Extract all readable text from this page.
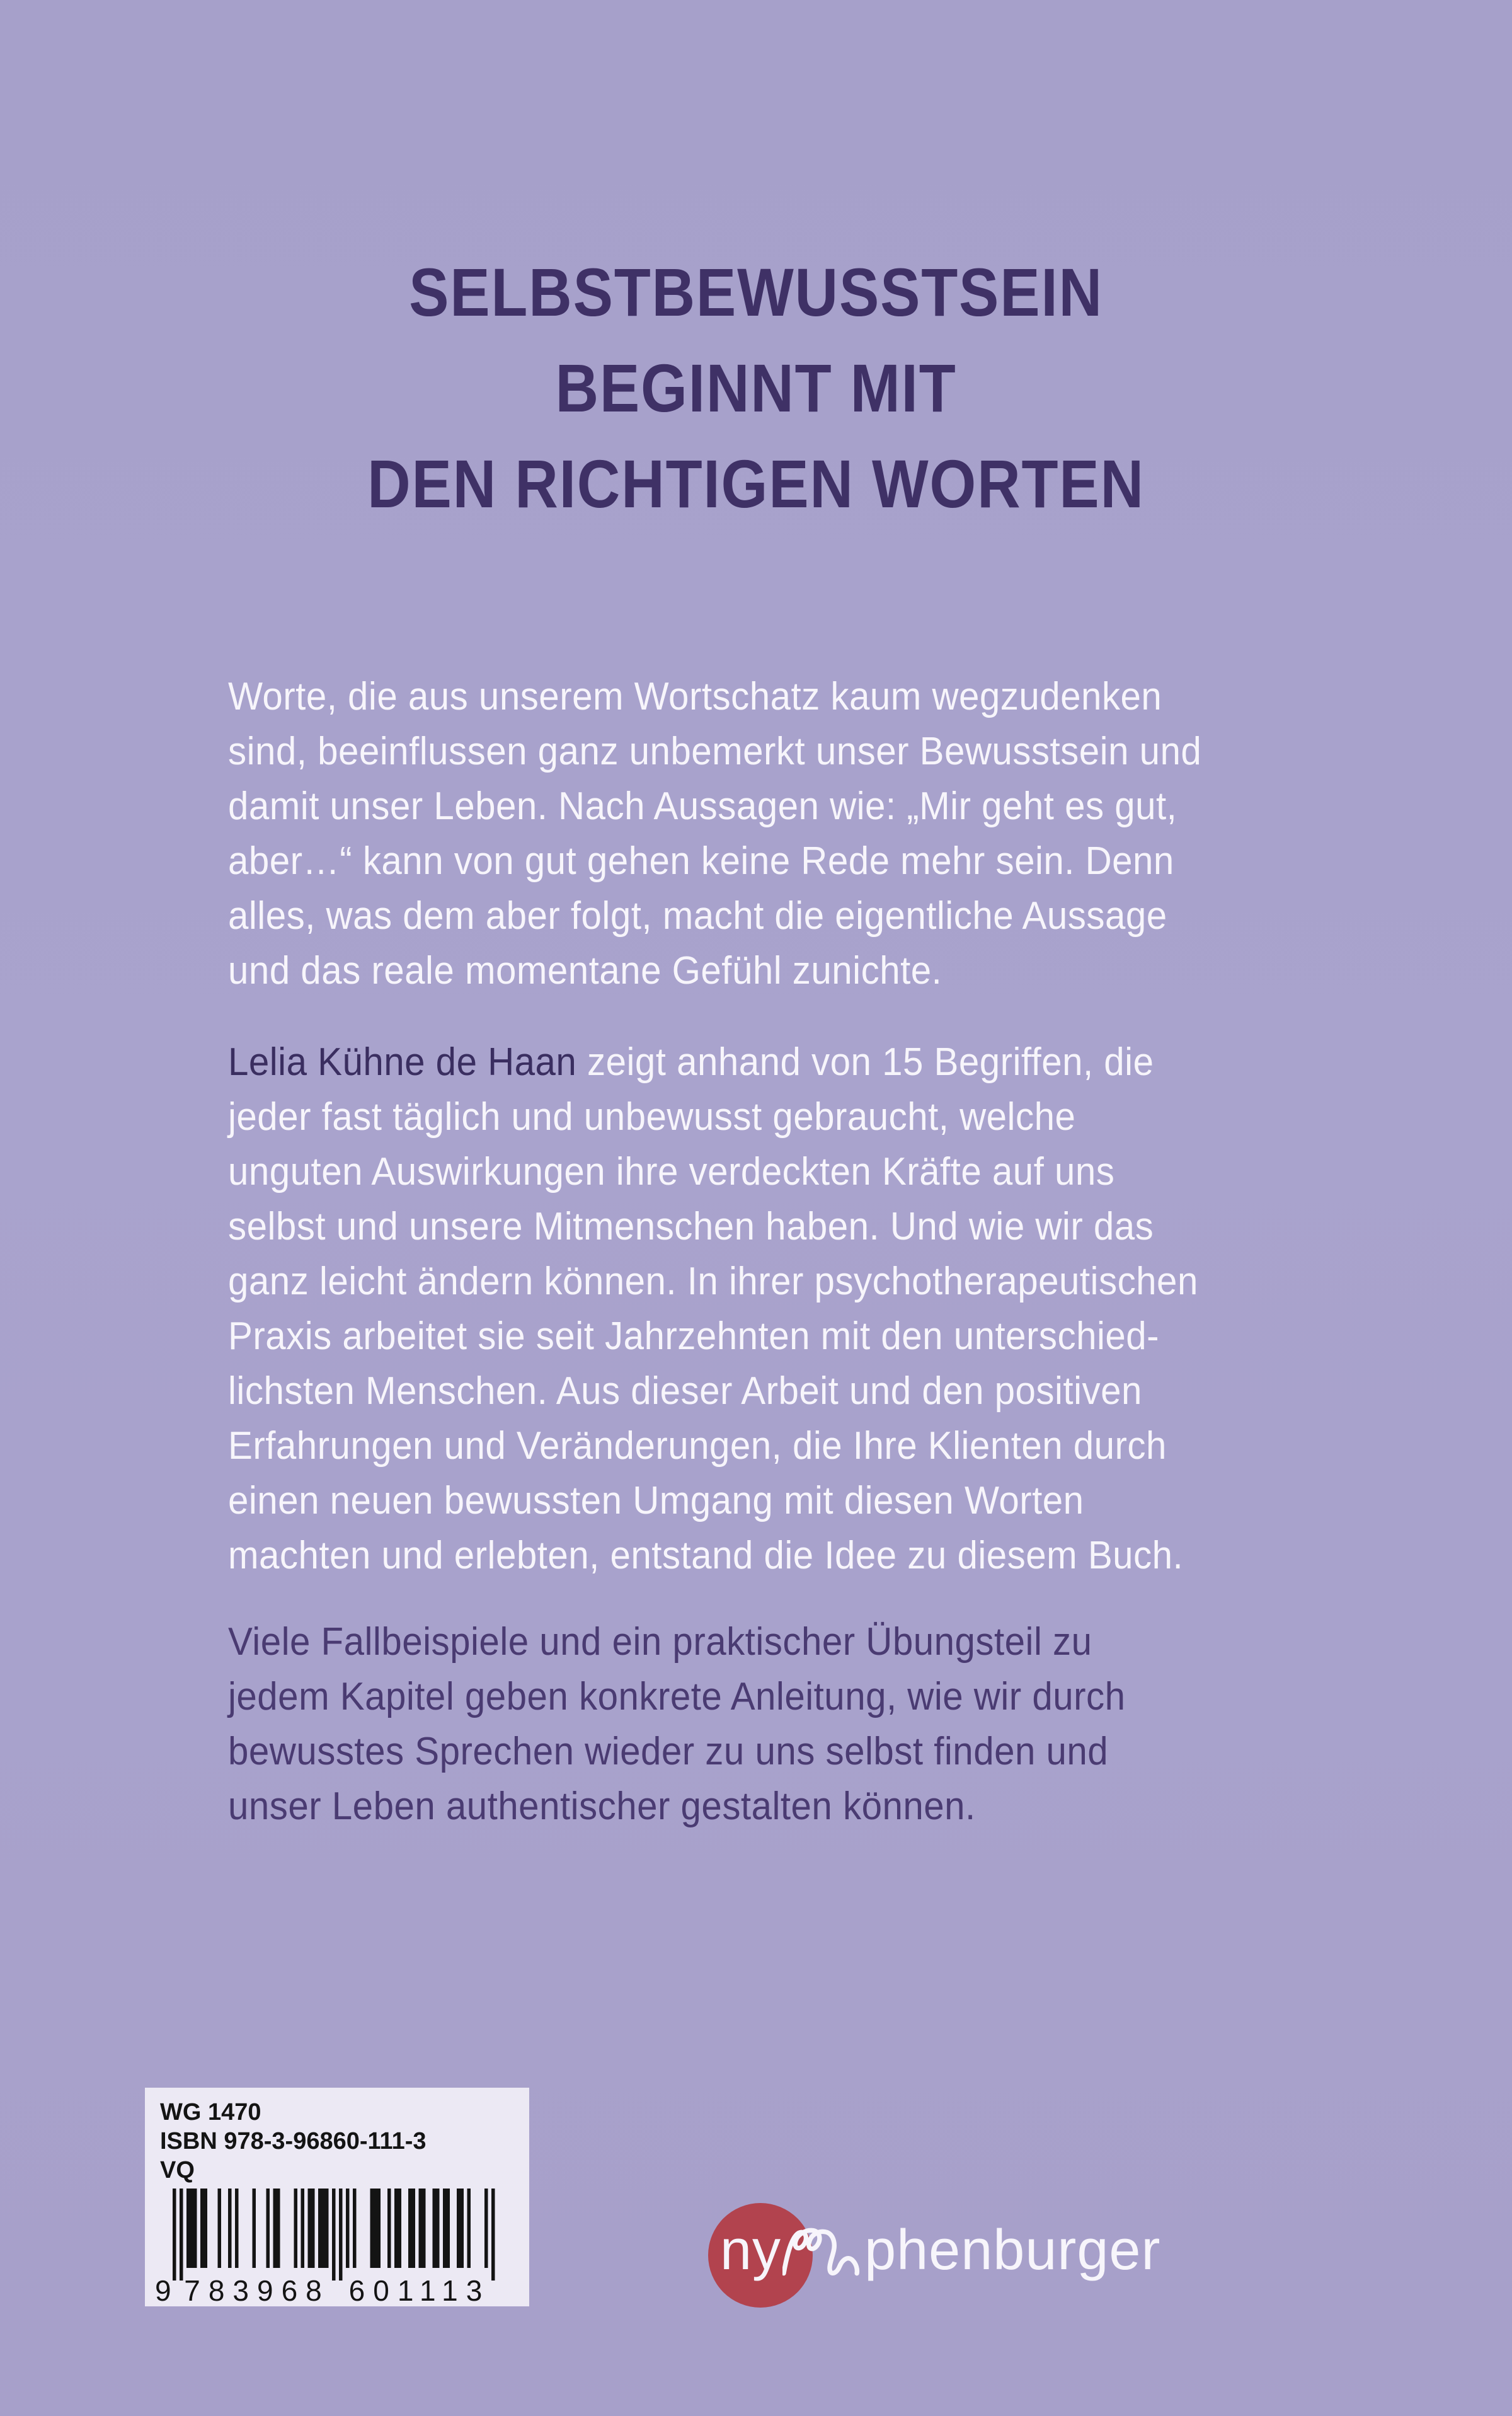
SELBSTBEWUSSTSEIN
BEGINNT MIT
DEN RICHTIGEN WORTEN
Worte, die aus unserem Wortschatz kaum wegzudenken
sind, beeinflussen ganz unbemerkt unser Bewusstsein und
damit unser Leben. Nach Aussagen wie: „Mir geht es gut,
aber…“ kann von gut gehen keine Rede mehr sein. Denn
alles, was dem aber folgt, macht die eigentliche Aussage
und das reale momentane Gefühl zunichte.
Lelia Kühne de Haan zeigt anhand von 15 Begriffen, die
jeder fast täglich und unbewusst gebraucht, welche
unguten Auswirkungen ihre verdeckten Kräfte auf uns
selbst und unsere Mitmenschen haben. Und wie wir das
ganz leicht ändern können. In ihrer psychotherapeutischen
Praxis arbeitet sie seit Jahrzehnten mit den unterschied-
lichsten Menschen. Aus dieser Arbeit und den positiven
Erfahrungen und Veränderungen, die Ihre Klienten durch
einen neuen bewussten Umgang mit diesen Worten
machten und erlebten, entstand die Idee zu diesem Buch.
Viele Fallbeispiele und ein praktischer Übungsteil zu
jedem Kapitel geben konkrete Anleitung, wie wir durch
bewusstes Sprechen wieder zu uns selbst finden und
unser Leben authentischer gestalten können.
WG 1470
ISBN 978-3-96860-111-3
VQ
9 783968 601113
ny phenburger
